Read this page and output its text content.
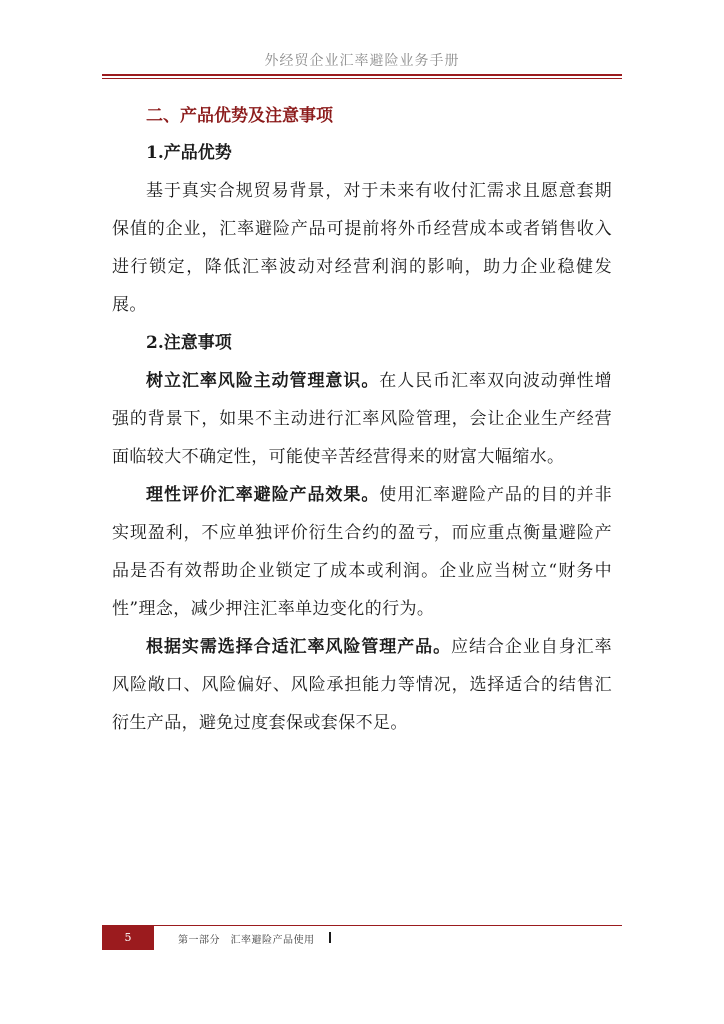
外经贸企业汇率避险业务手册

二、产品优势及注意事项

1.产品优势

基于真实合规贸易背景，对于未来有收付汇需求且愿意套期保值的企业，汇率避险产品可提前将外币经营成本或者销售收入进行锁定，降低汇率波动对经营利润的影响，助力企业稳健发展。

2.注意事项

树立汇率风险主动管理意识。在人民币汇率双向波动弹性增强的背景下，如果不主动进行汇率风险管理，会让企业生产经营面临较大不确定性，可能使辛苦经营得来的财富大幅缩水。

理性评价汇率避险产品效果。使用汇率避险产品的目的并非实现盈利，不应单独评价衍生合约的盈亏，而应重点衡量避险产品是否有效帮助企业锁定了成本或利润。企业应当树立“财务中性”理念，减少押注汇率单边变化的行为。

根据实需选择合适汇率风险管理产品。应结合企业自身汇率风险敞口、风险偏好、风险承担能力等情况，选择适合的结售汇衍生产品，避免过度套保或套保不足。

5	第一部分　汇率避险产品使用
